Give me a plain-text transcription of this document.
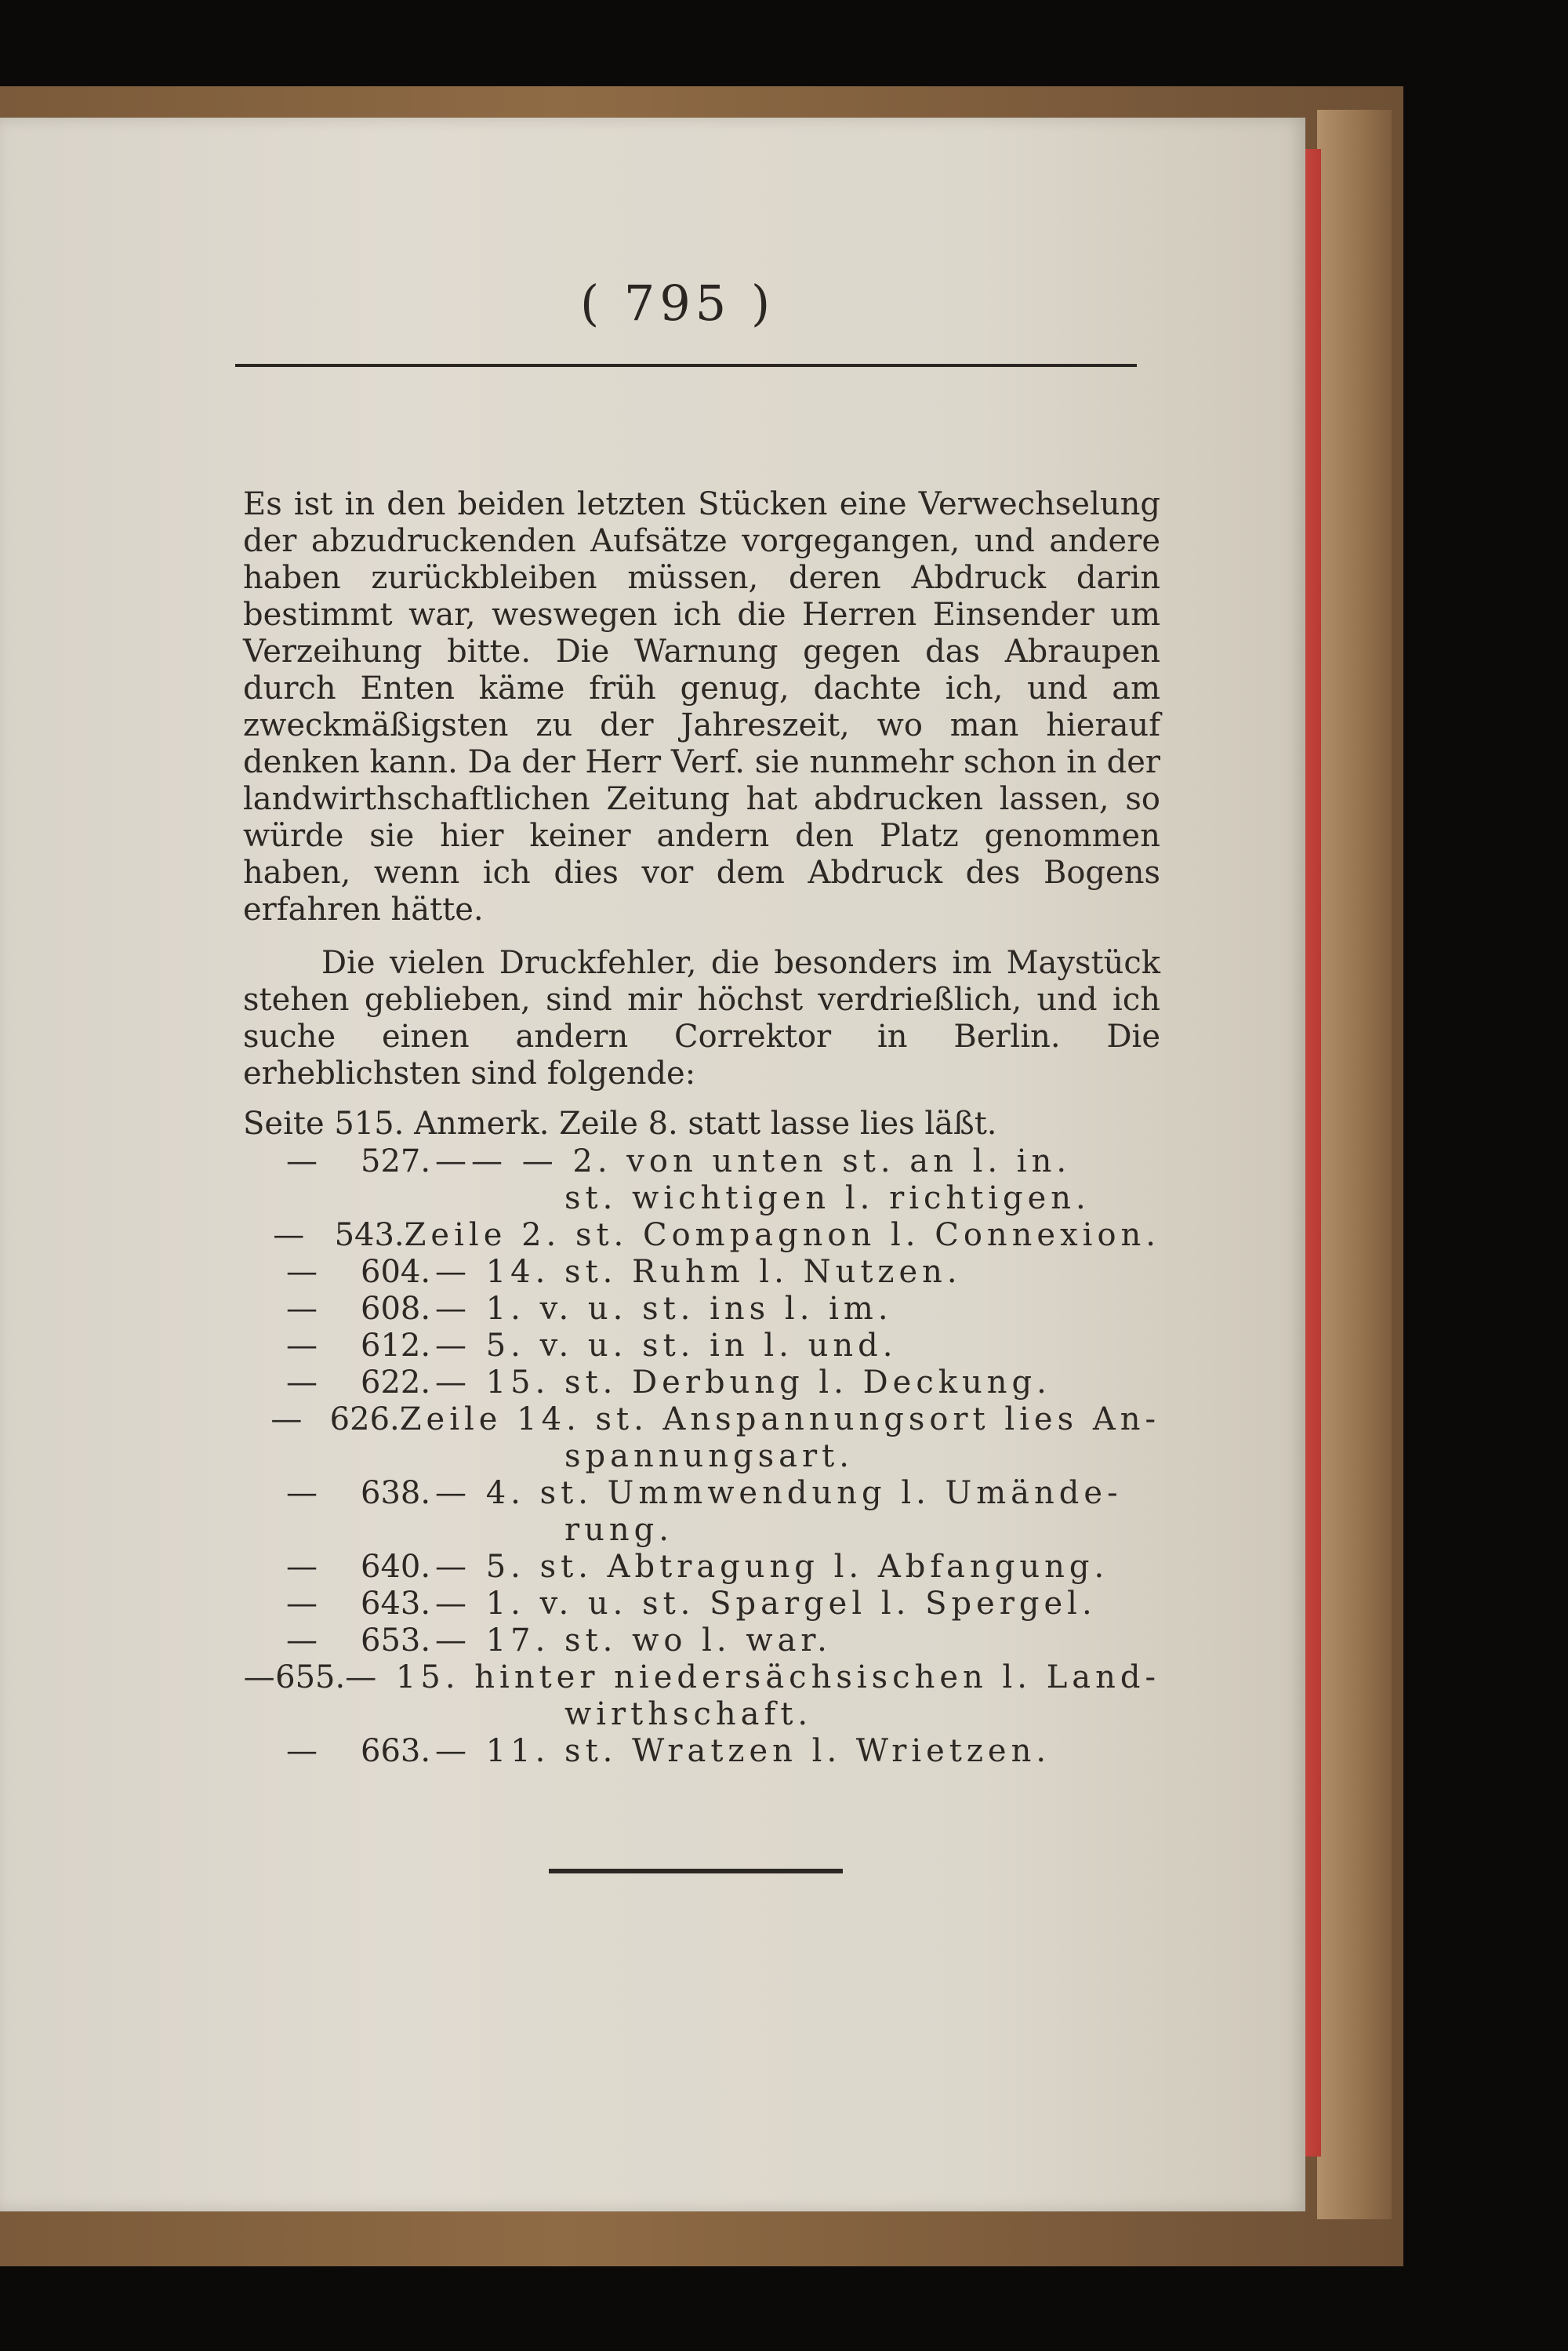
( 795 )
Es ist in den beiden letzten Stücken eine Verwechselung der abzudruckenden Aufsätze vorgegangen, und andere haben zurückbleiben müssen, deren Abdruck darin bestimmt war, weswegen ich die Herren Einsender um Verzeihung bitte. Die Warnung gegen das Abraupen durch Enten käme früh genug, dachte ich, und am zweckmäßigsten zu der Jahreszeit, wo man hierauf denken kann. Da der Herr Verf. sie nunmehr schon in der landwirthschaftlichen Zeitung hat abdrucken lassen, so würde sie hier keiner andern den Platz genommen haben, wenn ich dies vor dem Abdruck des Bogens erfahren hätte.
Die vielen Druckfehler, die besonders im Maystück stehen geblieben, sind mir höchst verdrießlich, und ich suche einen andern Correktor in Berlin. Die erheblichsten sind folgende:
Seite 515. Anmerk. Zeile 8. statt lasse lies läßt.
—	527. —— — 2. von unten st. an l. in.
st. wichtigen l. richtigen.
— 543. Zeile 2. st. Compagnon l. Connexion.
—	604. — 14. st. Ruhm l. Nutzen.
—	608. — 1. v. u. st. ins l. im.
—	612. — 5. v. u. st. in l. und.
—	622. — 15. st. Derbung l. Deckung.
— 626. Zeile 14. st. Anspannungsort lies An-
spannungsart.
—	638. — 4. st. Ummwendung l. Umände-
rung.
—	640. — 5. st. Abtragung l. Abfangung.
—	643. — 1. v. u. st. Spargel l. Spergel.
—	653. — 17. st. wo l. war.
— 655. — 15. hinter niedersächsischen l. Land-
wirthschaft.
—	663. — 11. st. Wratzen l. Wrietzen.
